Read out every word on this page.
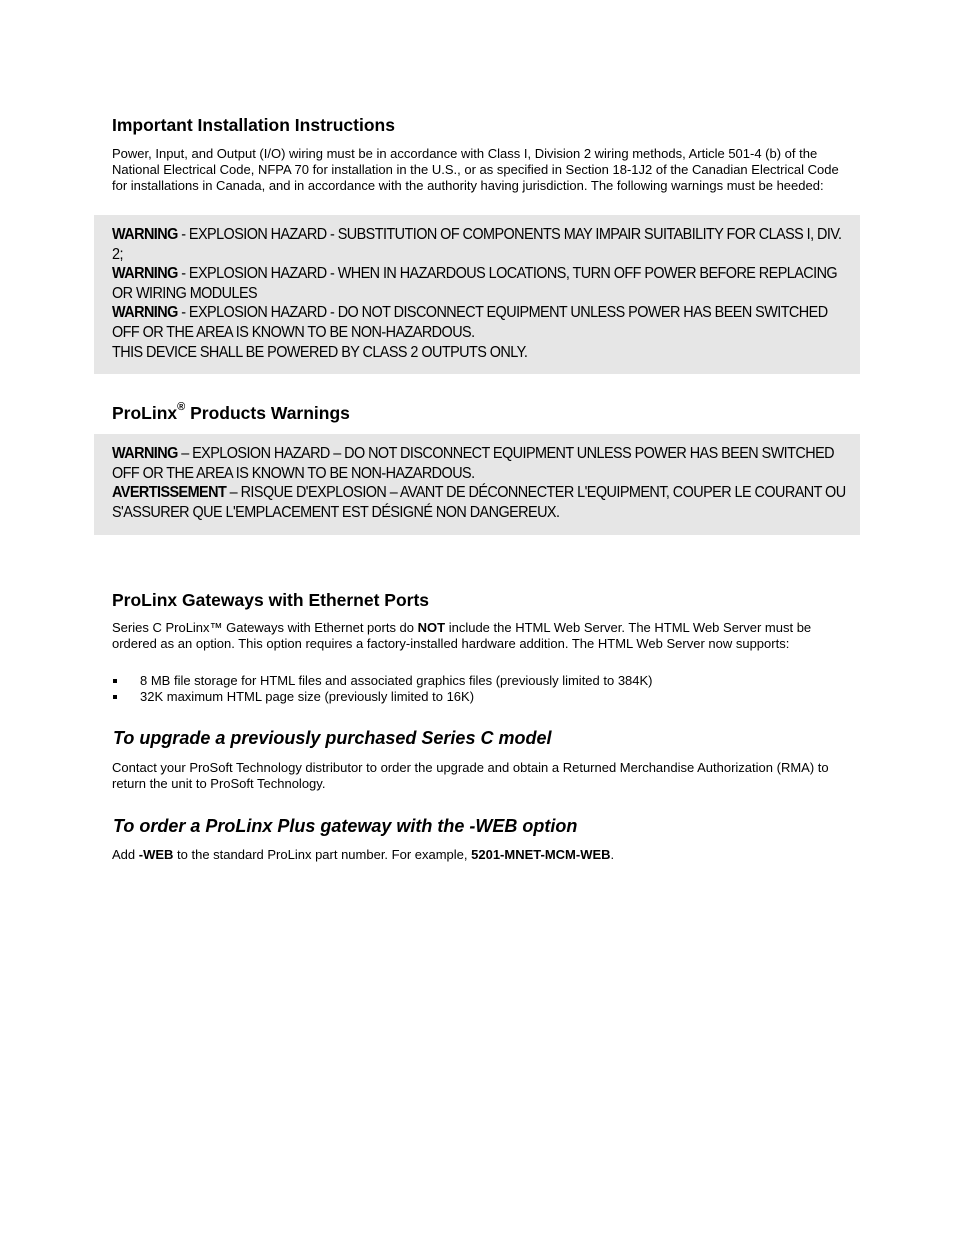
Important Installation Instructions

Power, Input, and Output (I/O) wiring must be in accordance with Class I, Division 2 wiring methods, Article 501-4 (b) of the National Electrical Code, NFPA 70 for installation in the U.S., or as specified in Section 18-1J2 of the Canadian Electrical Code for installations in Canada, and in accordance with the authority having jurisdiction. The following warnings must be heeded:

WARNING - EXPLOSION HAZARD - SUBSTITUTION OF COMPONENTS MAY IMPAIR SUITABILITY FOR CLASS I, DIV. 2;
WARNING - EXPLOSION HAZARD - WHEN IN HAZARDOUS LOCATIONS, TURN OFF POWER BEFORE REPLACING OR WIRING MODULES
WARNING - EXPLOSION HAZARD - DO NOT DISCONNECT EQUIPMENT UNLESS POWER HAS BEEN SWITCHED OFF OR THE AREA IS KNOWN TO BE NON-HAZARDOUS.
THIS DEVICE SHALL BE POWERED BY CLASS 2 OUTPUTS ONLY.
ProLinx® Products Warnings
WARNING – EXPLOSION HAZARD – DO NOT DISCONNECT EQUIPMENT UNLESS POWER HAS BEEN SWITCHED OFF OR THE AREA IS KNOWN TO BE NON-HAZARDOUS.
AVERTISSEMENT – RISQUE D'EXPLOSION – AVANT DE DÉCONNECTER L'EQUIPMENT, COUPER LE COURANT OU S'ASSURER QUE L'EMPLACEMENT EST DÉSIGNÉ NON DANGEREUX.
ProLinx Gateways with Ethernet Ports

Series C ProLinx™ Gateways with Ethernet ports do NOT include the HTML Web Server. The HTML Web Server must be ordered as an option. This option requires a factory-installed hardware addition. The HTML Web Server now supports:

8 MB file storage for HTML files and associated graphics files (previously limited to 384K)
32K maximum HTML page size (previously limited to 16K)
To upgrade a previously purchased Series C model

Contact your ProSoft Technology distributor to order the upgrade and obtain a Returned Merchandise Authorization (RMA) to return the unit to ProSoft Technology.

To order a ProLinx Plus gateway with the -WEB option

Add -WEB to the standard ProLinx part number. For example, 5201-MNET-MCM-WEB.
